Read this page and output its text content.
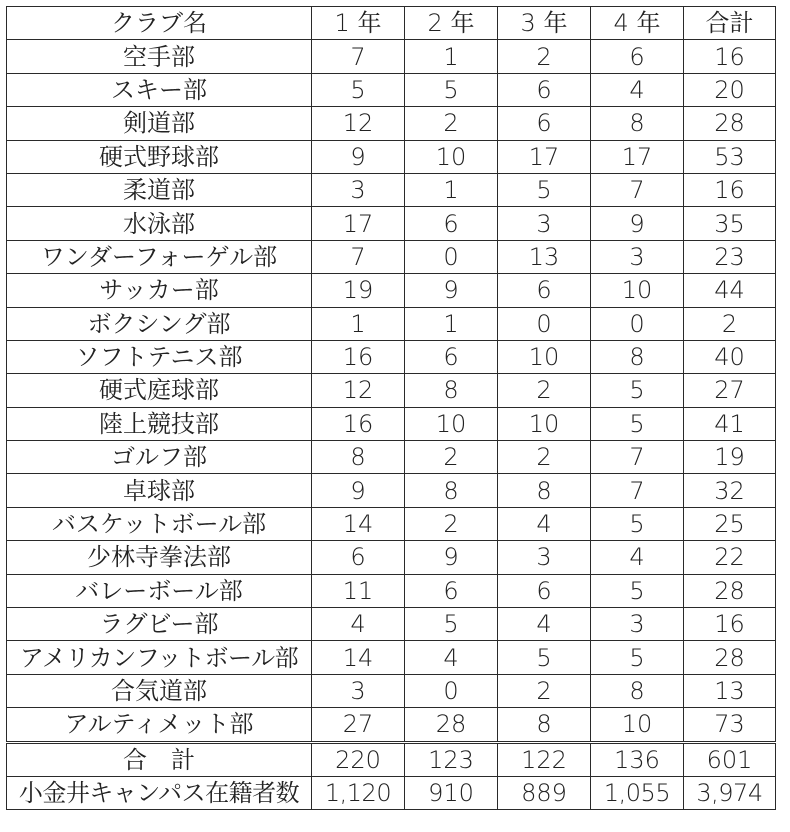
クラブ名	1 年	2 年	3 年	4 年	合計
空手部	7	1	2	6	16
スキー部	5	5	6	4	20
剣道部	12	2	6	8	28
硬式野球部	9	10	17	17	53
柔道部	3	1	5	7	16
水泳部	17	6	3	9	35
ワンダーフォーゲル部	7	0	13	3	23
サッカー部	19	9	6	10	44
ボクシング部	1	1	0	0	2
ソフトテニス部	16	6	10	8	40
硬式庭球部	12	8	2	5	27
陸上競技部	16	10	10	5	41
ゴルフ部	8	2	2	7	19
卓球部	9	8	8	7	32
バスケットボール部	14	2	4	5	25
少林寺拳法部	6	9	3	4	22
バレーボール部	11	6	6	5	28
ラグビー部	4	5	4	3	16
アメリカンフットボール部	14	4	5	5	28
合気道部	3	0	2	8	13
アルティメット部	27	28	8	10	73
合　計	220	123	122	136	601
小金井キャンパス在籍者数	1,120	910	889	1,055	3,974
